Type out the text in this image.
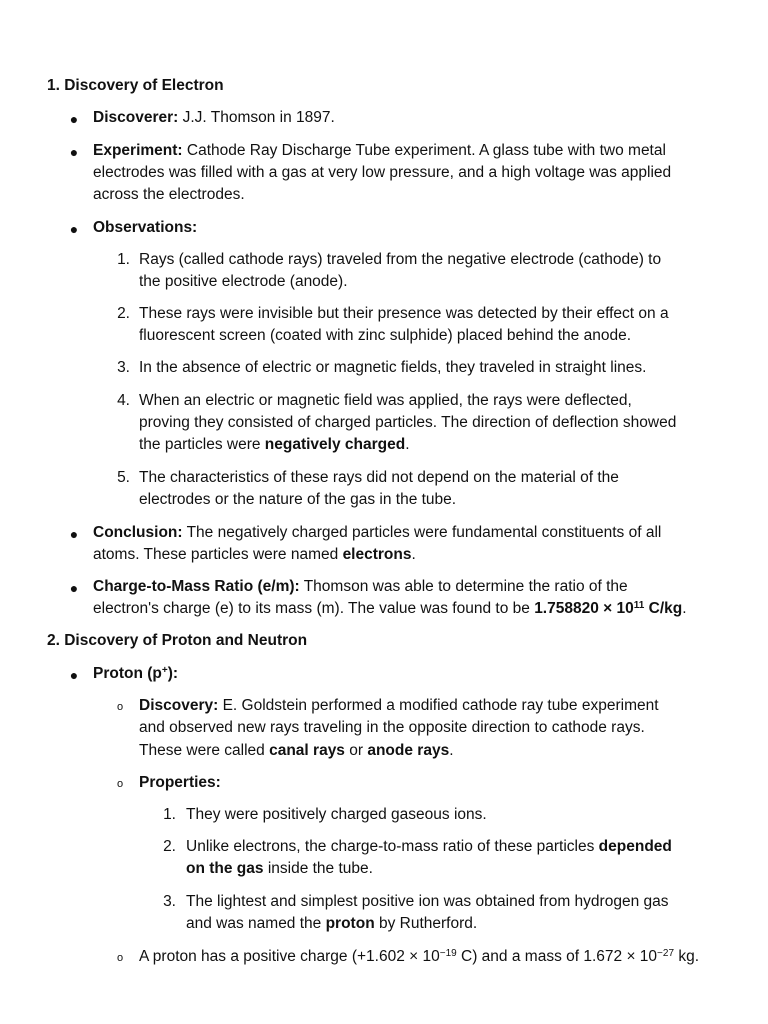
1. Discovery of Electron
● Discoverer: J.J. Thomson in 1897.
● Experiment: Cathode Ray Discharge Tube experiment. A glass tube with two metal
electrodes was filled with a gas at very low pressure, and a high voltage was applied
across the electrodes.
● Observations:
1. Rays (called cathode rays) traveled from the negative electrode (cathode) to
the positive electrode (anode).
2. These rays were invisible but their presence was detected by their effect on a
fluorescent screen (coated with zinc sulphide) placed behind the anode.
3. In the absence of electric or magnetic fields, they traveled in straight lines.
4. When an electric or magnetic field was applied, the rays were deflected,
proving they consisted of charged particles. The direction of deflection showed
the particles were negatively charged.
5. The characteristics of these rays did not depend on the material of the
electrodes or the nature of the gas in the tube.
● Conclusion: The negatively charged particles were fundamental constituents of all
atoms. These particles were named electrons.
● Charge-to-Mass Ratio (e/m): Thomson was able to determine the ratio of the
electron's charge (e) to its mass (m). The value was found to be $1.758820 \times 10^{11}$ C/kg.
2. Discovery of Proton and Neutron
● Proton (p+):
o	Discovery: E. Goldstein performed a modified cathode ray tube experiment
and observed new rays traveling in the opposite direction to cathode rays.
These were called canal rays or anode rays.
o	Properties:
1. They were positively charged gaseous ions.
2. Unlike electrons, the charge-to-mass ratio of these particles depended
on the gas inside the tube.
3. The lightest and simplest positive ion was obtained from hydrogen gas
and was named the proton by Rutherford.
o	A proton has a positive charge ($+1.602 \times 10^{-19}$ C) and a mass of $1.672 \times 10^{-27}$ kg.
